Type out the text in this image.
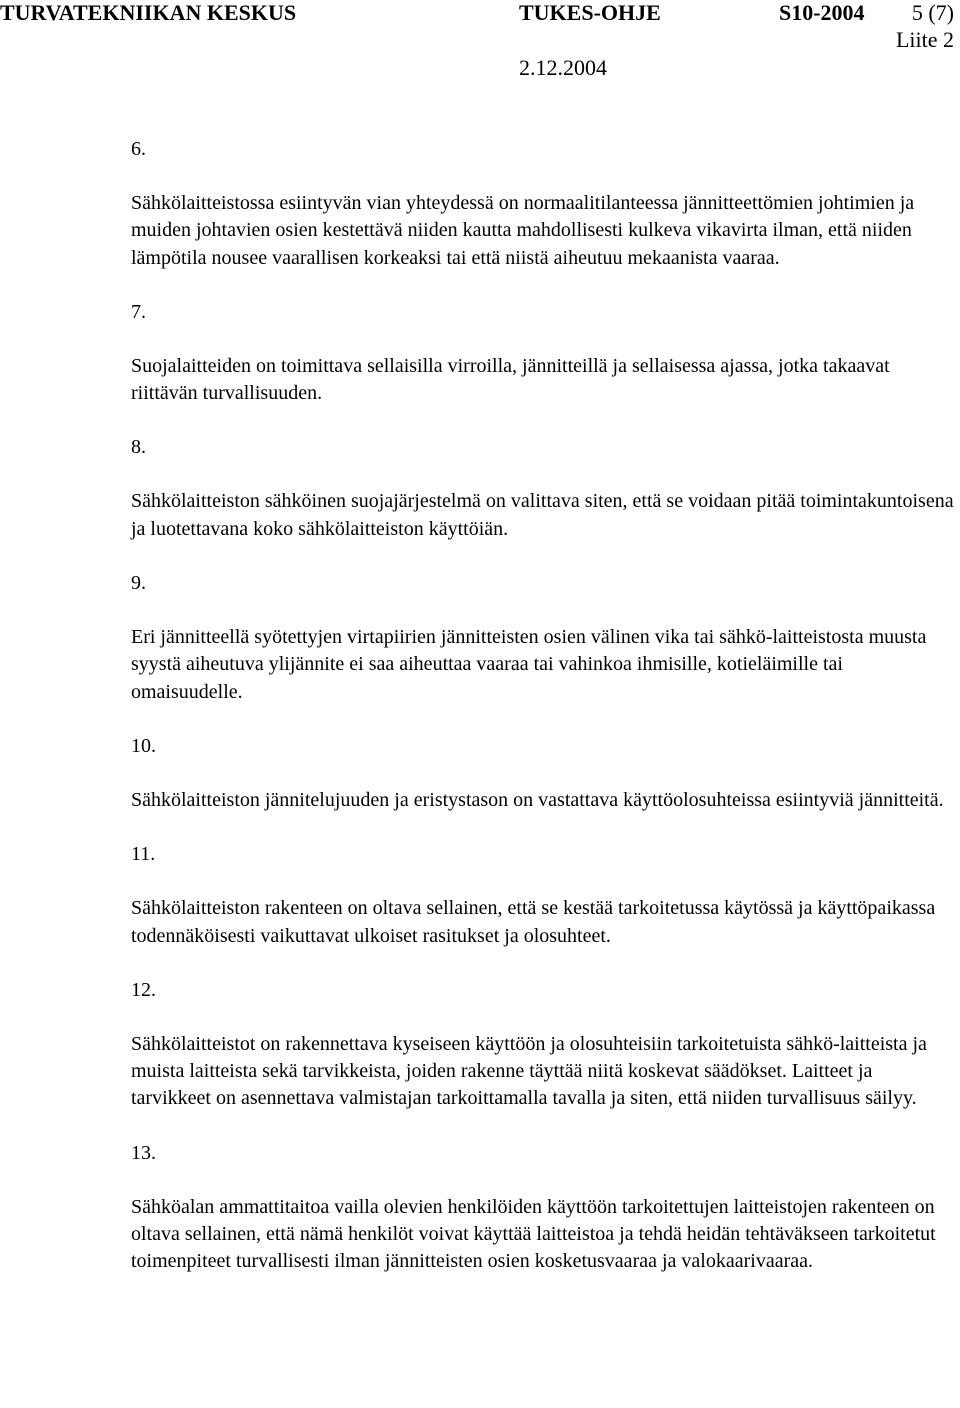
TURVATEKNIIKAN KESKUS	TUKES-OHJE	S10-2004 5 (7)
Liite 2
2.12.2004

6.

Sähkölaitteistossa esiintyvän vian yhteydessä on normaalitilanteessa jännitteettömien johtimien ja muiden johtavien osien kestettävä niiden kautta mahdollisesti kulkeva vikavirta ilman, että niiden lämpötila nousee vaarallisen korkeaksi tai että niistä aiheutuu mekaanista vaaraa.

7.

Suojalaitteiden on toimittava sellaisilla virroilla, jännitteillä ja sellaisessa ajassa, jotka takaavat riittävän turvallisuuden.

8.

Sähkölaitteiston sähköinen suojajärjestelmä on valittava siten, että se voidaan pitää toimintakuntoisena ja luotettavana koko sähkölaitteiston käyttöiän.

9.

Eri jännitteellä syötettyjen virtapiirien jännitteisten osien välinen vika tai sähkö-laitteistosta muusta syystä aiheutuva ylijännite ei saa aiheuttaa vaaraa tai vahinkoa ihmisille, kotieläimille tai omaisuudelle.

10.

Sähkölaitteiston jännitelujuuden ja eristystason on vastattava käyttöolosuhteissa esiintyviä jännitteitä.

11.

Sähkölaitteiston rakenteen on oltava sellainen, että se kestää tarkoitetussa käytössä ja käyttöpaikassa todennäköisesti vaikuttavat ulkoiset rasitukset ja olosuhteet.

12.

Sähkölaitteistot on rakennettava kyseiseen käyttöön ja olosuhteisiin tarkoitetuista sähkö-laitteista ja muista laitteista sekä tarvikkeista, joiden rakenne täyttää niitä koskevat säädökset. Laitteet ja tarvikkeet on asennettava valmistajan tarkoittamalla tavalla ja siten, että niiden turvallisuus säilyy.

13.

Sähköalan ammattitaitoa vailla olevien henkilöiden käyttöön tarkoitettujen laitteistojen rakenteen on oltava sellainen, että nämä henkilöt voivat käyttää laitteistoa ja tehdä heidän tehtäväkseen tarkoitetut toimenpiteet turvallisesti ilman jännitteisten osien kosketusvaaraa ja valokaarivaaraa.
